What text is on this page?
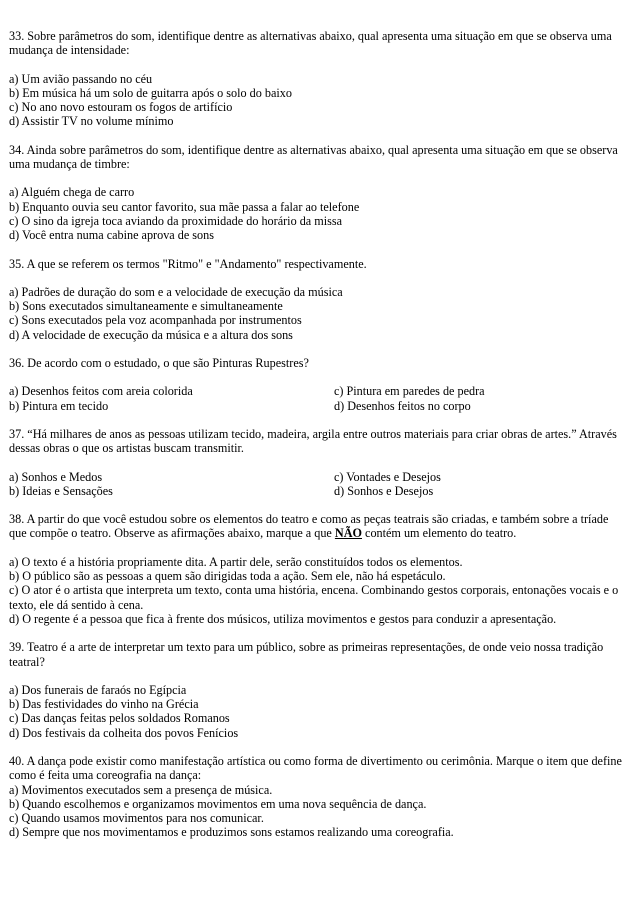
33. Sobre parâmetros do som, identifique dentre as alternativas abaixo, qual apresenta uma situação em que se observa uma mudança de intensidade:

a) Um avião passando no céu

b) Em música há um solo de guitarra após o solo do baixo

c) No ano novo estouram os fogos de artifício

d) Assistir TV no volume mínimo

34. Ainda sobre parâmetros do som, identifique dentre as alternativas abaixo, qual apresenta uma situação em que se observa uma mudança de timbre:

a) Alguém chega de carro

b) Enquanto ouvia seu cantor favorito, sua mãe passa a falar ao telefone

c) O sino da igreja toca aviando da proximidade do horário da missa

d) Você entra numa cabine aprova de sons

35. A que se referem os termos "Ritmo" e "Andamento" respectivamente.

a) Padrões de duração do som e a velocidade de execução da música

b) Sons executados simultaneamente e simultaneamente

c) Sons executados pela voz acompanhada por instrumentos

d) A velocidade de execução da música e a altura dos sons

36. De acordo com o estudado, o que são Pinturas Rupestres?

a) Desenhos feitos com areia colorida	c) Pintura em paredes de pedra

b) Pintura em tecido	d) Desenhos feitos no corpo

37. “Há milhares de anos as pessoas utilizam tecido, madeira, argila entre outros materiais para criar obras de artes.” Através dessas obras o que os artistas buscam transmitir.

a) Sonhos e Medos	c) Vontades e Desejos

b) Ideias e Sensações	d) Sonhos e Desejos

38. A partir do que você estudou sobre os elementos do teatro e como as peças teatrais são criadas, e também sobre a tríade que compõe o teatro. Observe as afirmações abaixo, marque a que NÃO contém um elemento do teatro.

a) O texto é a história propriamente dita. A partir dele, serão constituídos todos os elementos.

b) O público são as pessoas a quem são dirigidas toda a ação. Sem ele, não há espetáculo.

c) O ator é o artista que interpreta um texto, conta uma história, encena. Combinando gestos corporais, entonações vocais e o texto, ele dá sentido à cena.

d) O regente é a pessoa que fica à frente dos músicos, utiliza movimentos e gestos para conduzir a apresentação.

39. Teatro é a arte de interpretar um texto para um público, sobre as primeiras representações, de onde veio nossa tradição teatral?

a) Dos funerais de faraós no Egípcia

b) Das festividades do vinho na Grécia

c) Das danças feitas pelos soldados Romanos

d) Dos festivais da colheita dos povos Fenícios

40. A dança pode existir como manifestação artística ou como forma de divertimento ou cerimônia. Marque o item que define como é feita uma coreografia na dança:

a) Movimentos executados sem a presença de música.

b) Quando escolhemos e organizamos movimentos em uma nova sequência de dança.

c) Quando usamos movimentos para nos comunicar.

d) Sempre que nos movimentamos e produzimos sons estamos realizando uma coreografia.
